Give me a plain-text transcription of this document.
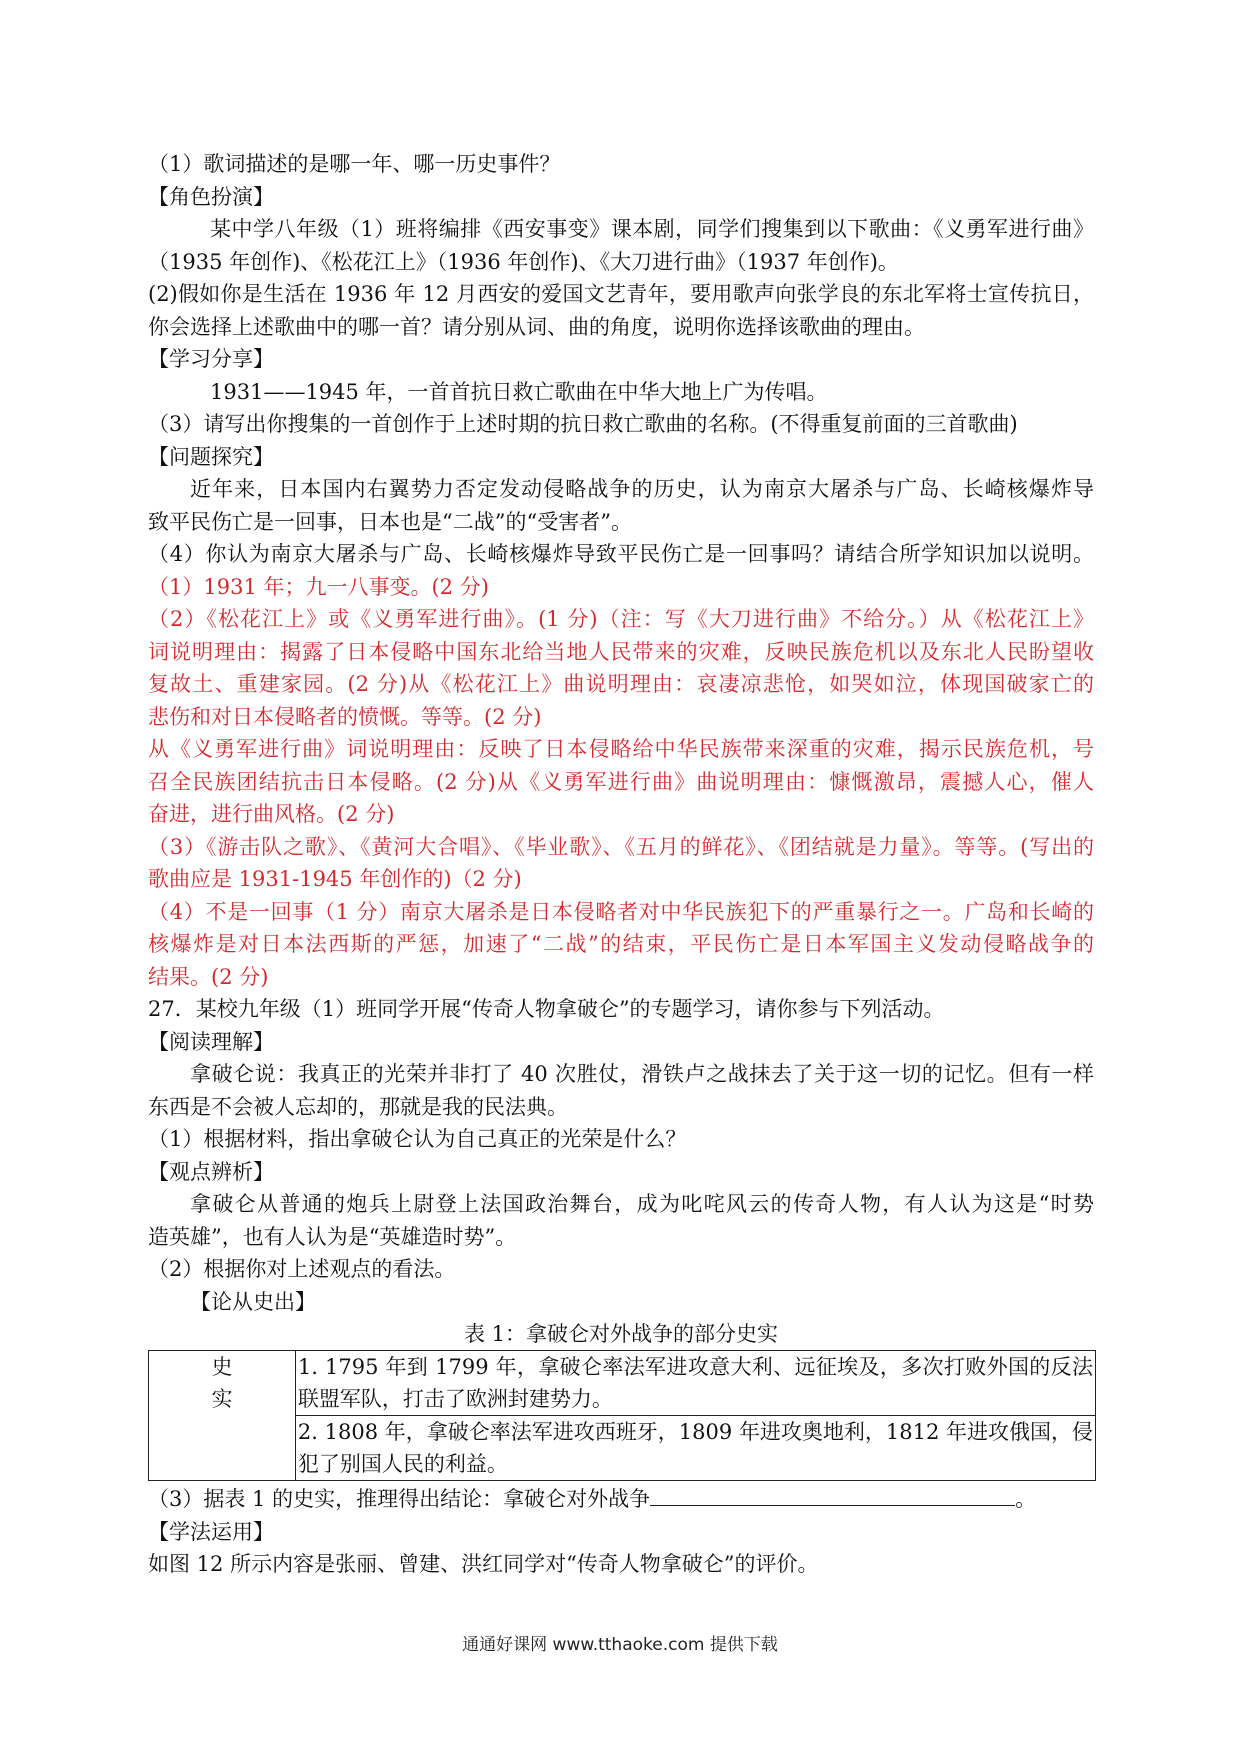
（1）歌词描述的是哪一年、哪一历史事件？
【角色扮演】
某中学八年级（1）班将编排《西安事变》课本剧，同学们搜集到以下歌曲：《义勇军进行曲》
（1935 年创作)、《松花江上》（1936 年创作)、《大刀进行曲》（1937 年创作)。
(2)假如你是生活在 1936 年 12 月西安的爱国文艺青年，要用歌声向张学良的东北军将士宣传抗日，
你会选择上述歌曲中的哪一首？请分别从词、曲的角度，说明你选择该歌曲的理由。
【学习分享】
1931——1945 年，一首首抗日救亡歌曲在中华大地上广为传唱。
（3）请写出你搜集的一首创作于上述时期的抗日救亡歌曲的名称。(不得重复前面的三首歌曲)
【问题探究】
近年来，日本国内右翼势力否定发动侵略战争的历史，认为南京大屠杀与广岛、长崎核爆炸导
致平民伤亡是一回事，日本也是“二战”的“受害者”。
（4）你认为南京大屠杀与广岛、长崎核爆炸导致平民伤亡是一回事吗？请结合所学知识加以说明。
（1）1931 年；九一八事变。(2 分)
（2）《松花江上》或《义勇军进行曲》。(1 分)（注：写《大刀进行曲》不给分。）从《松花江上》
词说明理由：揭露了日本侵略中国东北给当地人民带来的灾难，反映民族危机以及东北人民盼望收
复故土、重建家园。(2 分)从《松花江上》曲说明理由：哀凄凉悲怆，如哭如泣，体现国破家亡的
悲伤和对日本侵略者的愤慨。等等。(2 分)
从《义勇军进行曲》词说明理由：反映了日本侵略给中华民族带来深重的灾难，揭示民族危机，号
召全民族团结抗击日本侵略。(2 分)从《义勇军进行曲》曲说明理由：慷慨激昂，震撼人心，催人
奋进，进行曲风格。(2 分)
（3）《游击队之歌》、《黄河大合唱》、《毕业歌》、《五月的鲜花》、《团结就是力量》。等等。(写出的
歌曲应是 1931-1945 年创作的)（2 分)
（4）不是一回事（1 分）南京大屠杀是日本侵略者对中华民族犯下的严重暴行之一。广岛和长崎的
核爆炸是对日本法西斯的严惩，加速了“二战”的结束，平民伤亡是日本军国主义发动侵略战争的
结果。(2 分)
27．某校九年级（1）班同学开展“传奇人物拿破仑”的专题学习，请你参与下列活动。
【阅读理解】
拿破仑说：我真正的光荣并非打了 40 次胜仗，滑铁卢之战抹去了关于这一切的记忆。但有一样
东西是不会被人忘却的，那就是我的民法典。
（1）根据材料，指出拿破仑认为自己真正的光荣是什么？
【观点辨析】
拿破仑从普通的炮兵上尉登上法国政治舞台，成为叱咤风云的传奇人物，有人认为这是“时势
造英雄”，也有人认为是“英雄造时势”。
（2）根据你对上述观点的看法。
【论从史出】
表 1：拿破仑对外战争的部分史实
史
实

1. 1795 年到 1799 年，拿破仑率法军进攻意大利、远征埃及，多次打败外国的反法
联盟军队，打击了欧洲封建势力。

2. 1808 年，拿破仑率法军进攻西班牙，1809 年进攻奥地利，1812 年进攻俄国，侵
犯了别国人民的利益。
（3）据表 1 的史实，推理得出结论：拿破仑对外战争	。
【学法运用】
如图 12 所示内容是张丽、曾建、洪红同学对“传奇人物拿破仑”的评价。
通通好课网 www.tthaoke.com 提供下载
